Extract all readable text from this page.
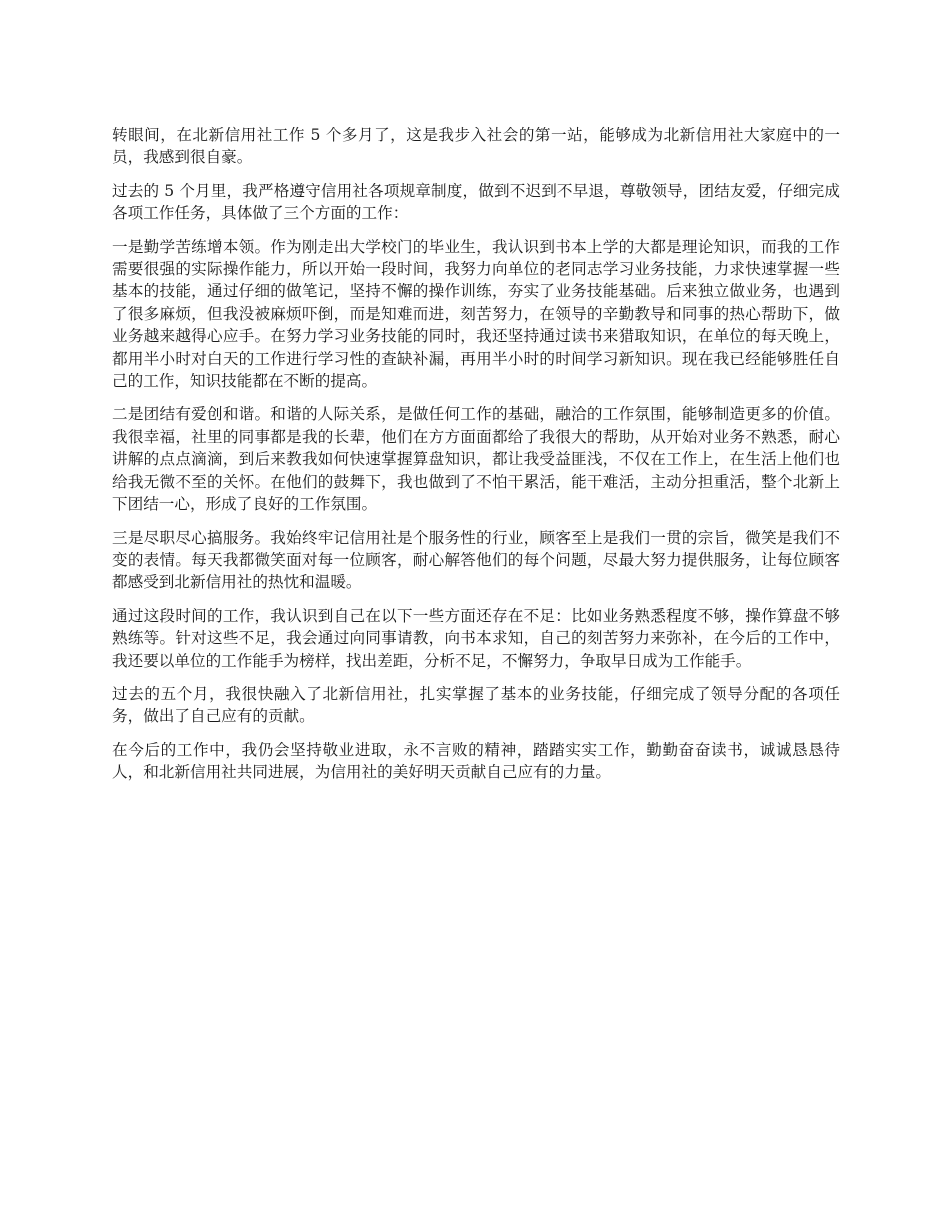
转眼间，在北新信用社工作 5 个多月了，这是我步入社会的第一站，能够成为北新信用社大家庭中的一员，我感到很自豪。

过去的 5 个月里，我严格遵守信用社各项规章制度，做到不迟到不早退，尊敬领导，团结友爱，仔细完成各项工作任务，具体做了三个方面的工作：

一是勤学苦练增本领。作为刚走出大学校门的毕业生，我认识到书本上学的大都是理论知识，而我的工作需要很强的实际操作能力，所以开始一段时间，我努力向单位的老同志学习业务技能，力求快速掌握一些基本的技能，通过仔细的做笔记，坚持不懈的操作训练，夯实了业务技能基础。后来独立做业务，也遇到了很多麻烦，但我没被麻烦吓倒，而是知难而进，刻苦努力，在领导的辛勤教导和同事的热心帮助下，做业务越来越得心应手。在努力学习业务技能的同时，我还坚持通过读书来猎取知识，在单位的每天晚上，都用半小时对白天的工作进行学习性的查缺补漏，再用半小时的时间学习新知识。现在我已经能够胜任自己的工作，知识技能都在不断的提高。

二是团结有爱创和谐。和谐的人际关系，是做任何工作的基础，融洽的工作氛围，能够制造更多的价值。我很幸福，社里的同事都是我的长辈，他们在方方面面都给了我很大的帮助，从开始对业务不熟悉，耐心讲解的点点滴滴，到后来教我如何快速掌握算盘知识，都让我受益匪浅，不仅在工作上，在生活上他们也给我无微不至的关怀。在他们的鼓舞下，我也做到了不怕干累活，能干难活，主动分担重活，整个北新上下团结一心，形成了良好的工作氛围。

三是尽职尽心搞服务。我始终牢记信用社是个服务性的行业，顾客至上是我们一贯的宗旨，微笑是我们不变的表情。每天我都微笑面对每一位顾客，耐心解答他们的每个问题，尽最大努力提供服务，让每位顾客都感受到北新信用社的热忱和温暖。

通过这段时间的工作，我认识到自己在以下一些方面还存在不足：比如业务熟悉程度不够，操作算盘不够熟练等。针对这些不足，我会通过向同事请教，向书本求知，自己的刻苦努力来弥补，在今后的工作中，我还要以单位的工作能手为榜样，找出差距，分析不足，不懈努力，争取早日成为工作能手。

过去的五个月，我很快融入了北新信用社，扎实掌握了基本的业务技能，仔细完成了领导分配的各项任务，做出了自己应有的贡献。

在今后的工作中，我仍会坚持敬业进取，永不言败的精神，踏踏实实工作，勤勤奋奋读书，诚诚恳恳待人，和北新信用社共同进展，为信用社的美好明天贡献自己应有的力量。
